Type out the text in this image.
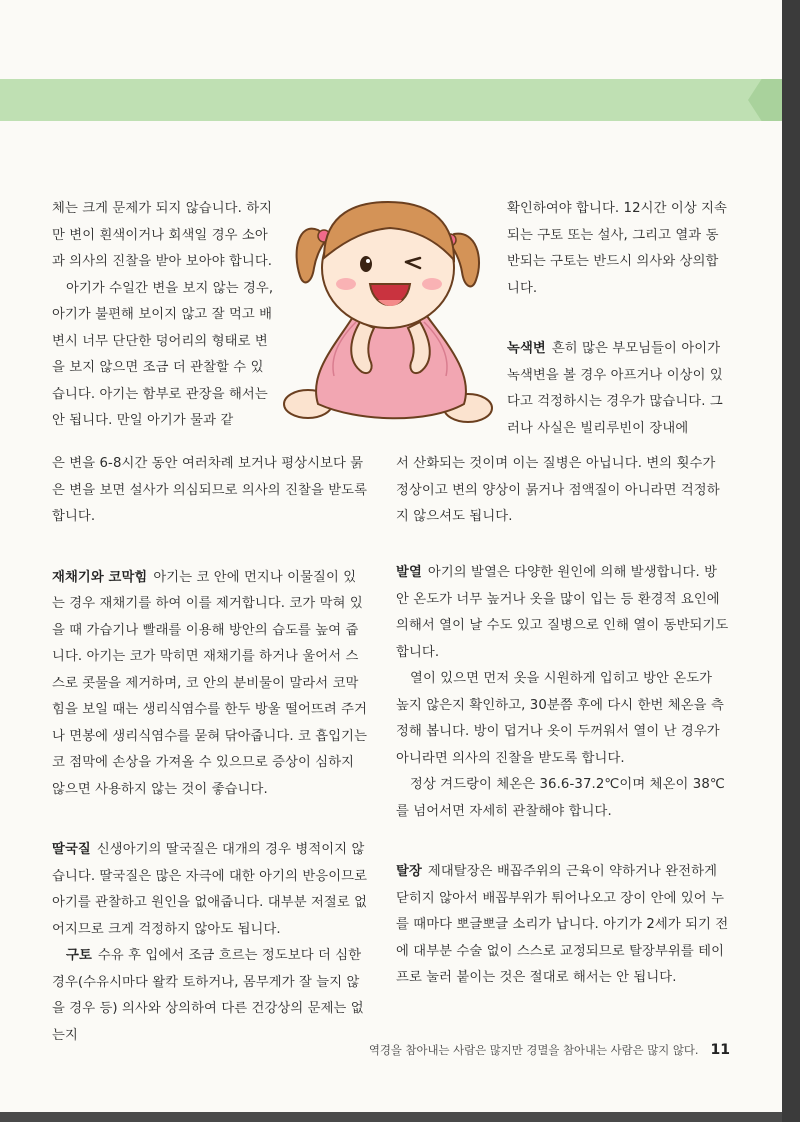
체는 크게 문제가 되지 않습니다. 하지 만 변이 흰색이거나 회색일 경우 소아과 의사의 진찰을 받아 보아야 합니다.

아기가 수일간 변을 보지 않는 경우, 아기가 불편해 보이지 않고 잘 먹고 배변시 너무 단단한 덩어리의 형태로 변을 보지 않으면 조금 더 관찰할 수 있습니다. 아기는 함부로 관장을 해서는 안 됩니다. 만일 아기가 물과 같

은 변을 6-8시간 동안 여러차례 보거나 평상시보다 묽은 변을 보면 설사가 의심되므로 의사의 진찰을 받도록 합니다.

재채기와 코막힘 아기는 코 안에 먼지나 이물질이 있는 경우 재채기를 하여 이를 제거합니다. 코가 막혀 있을 때 가습기나 빨래를 이용해 방안의 습도를 높여 줍니다. 아기는 코가 막히면 재채기를 하거나 울어서 스스로 콧물을 제거하며, 코 안의 분비물이 말라서 코막힘을 보일 때는 생리식염수를 한두 방울 떨어뜨려 주거나 면봉에 생리식염수를 묻혀 닦아줍니다. 코 흡입기는 코 점막에 손상을 가져올 수 있으므로 증상이 심하지 않으면 사용하지 않는 것이 좋습니다.

딸국질 신생아기의 딸국질은 대개의 경우 병적이지 않습니다. 딸국질은 많은 자극에 대한 아기의 반응이므로 아기를 관찰하고 원인을 없애줍니다. 대부분 저절로 없어지므로 크게 걱정하지 않아도 됩니다.

구토 수유 후 입에서 조금 흐르는 정도보다 더 심한 경우(수유시마다 왈칵 토하거나, 몸무게가 잘 늘지 않을 경우 등) 의사와 상의하여 다른 건강상의 문제는 없는지

확인하여야 합니다. 12시간 이상 지속되는 구토 또는 설사, 그리고 열과 동반되는 구토는 반드시 의사와 상의합니다.

녹색변 흔히 많은 부모님들이 아이가 녹색변을 볼 경우 아프거나 이상이 있다고 걱정하시는 경우가 많습니다. 그러나 사실은 빌리루빈이 장내에

서 산화되는 것이며 이는 질병은 아닙니다. 변의 횟수가 정상이고 변의 양상이 묽거나 점액질이 아니라면 걱정하지 않으셔도 됩니다.

발열 아기의 발열은 다양한 원인에 의해 발생합니다. 방안 온도가 너무 높거나 옷을 많이 입는 등 환경적 요인에 의해서 열이 날 수도 있고 질병으로 인해 열이 동반되기도 합니다.

열이 있으면 먼저 옷을 시원하게 입히고 방안 온도가 높지 않은지 확인하고, 30분쯤 후에 다시 한번 체온을 측정해 봅니다. 방이 덥거나 옷이 두꺼워서 열이 난 경우가 아니라면 의사의 진찰을 받도록 합니다.

정상 겨드랑이 체온은 36.6-37.2℃이며 체온이 38℃를 넘어서면 자세히 관찰해야 합니다.

탈장 제대탈장은 배꼽주위의 근육이 약하거나 완전하게 닫히지 않아서 배꼽부위가 튀어나오고 장이 안에 있어 누를 때마다 뽀글뽀글 소리가 납니다. 아기가 2세가 되기 전에 대부분 수술 없이 스스로 교정되므로 탈장부위를 테이프로 눌러 붙이는 것은 절대로 해서는 안 됩니다.

역경을 참아내는 사람은 많지만 경멸을 참아내는 사람은 많지 않다. 11
